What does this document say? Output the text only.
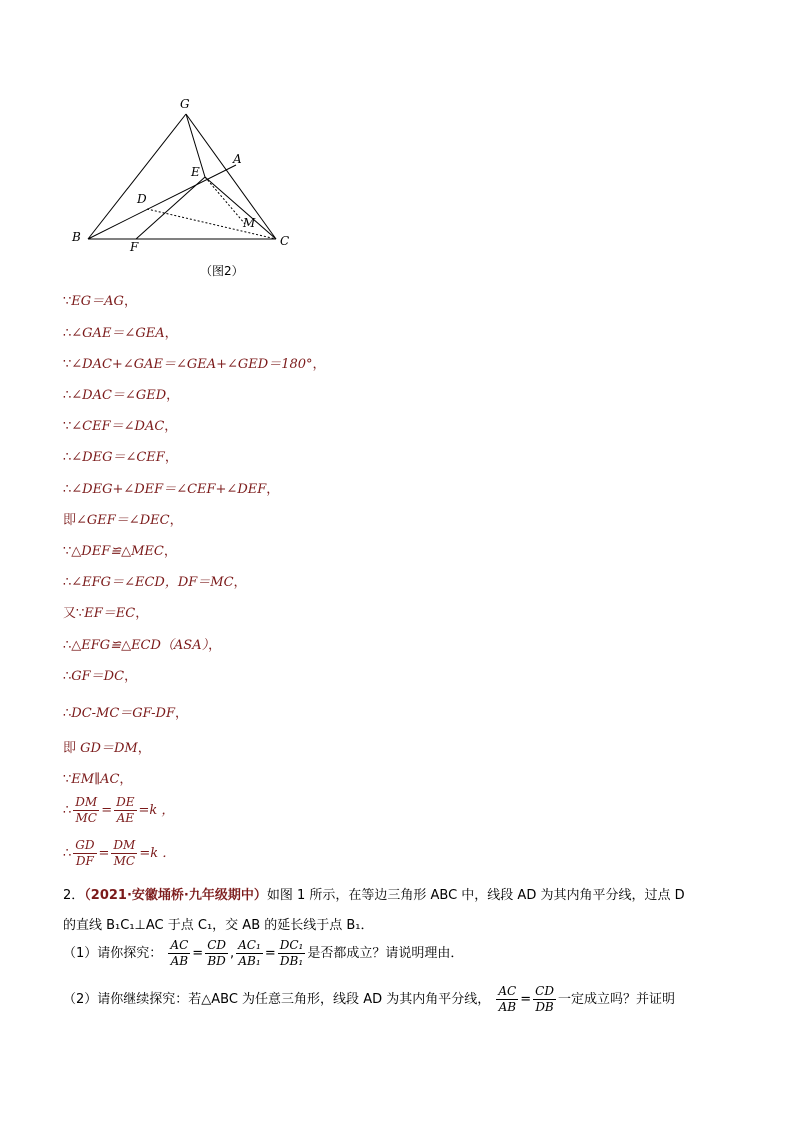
G
A
E
D
M
B
F	C
（图2）
∵EG＝AG，
∴∠GAE＝∠GEA，
∵∠DAC+∠GAE＝∠GEA+∠GED＝180°，
∴∠DAC＝∠GED，
∵∠CEF＝∠DAC，
∴∠DEG＝∠CEF，
∴∠DEG+∠DEF＝∠CEF+∠DEF，
即∠GEF＝∠DEC，
∵△DEF≌△MEC，
∴∠EFG＝∠ECD，DF＝MC，
又∵EF＝EC，
∴△EFG≌△ECD（ASA），
∴GF＝DC，
∴DC-MC＝GF-DF，
即 GD＝DM，
∵EM∥AC，
∴ $\frac{DM}{MC} = \frac{DE}{AE} =k$ ，
∴ $\frac{GD}{DF} = \frac{DM}{MC} =k$ ．
2．（2021·安徽埇桥·九年级期中）如图 1 所示，在等边三角形 ABC 中，线段 AD 为其内角平分线，过点 D
的直线 B₁C₁⊥AC 于点 C₁，交 AB 的延长线于点 B₁．
（1）请你探究： $\frac{AC}{AB} = \frac{CD}{BD}$ , $\frac{\text{AC₁}}{\text{AB₁}} = \frac{\text{DC₁}}{\text{DB₁}}$ 是否都成立？请说明理由．
（2）请你继续探究：若△ABC 为任意三角形，线段 AD 为其内角平分线， $\frac{AC}{AB} = \frac{CD}{DB}$ 一定成立吗？并证明
